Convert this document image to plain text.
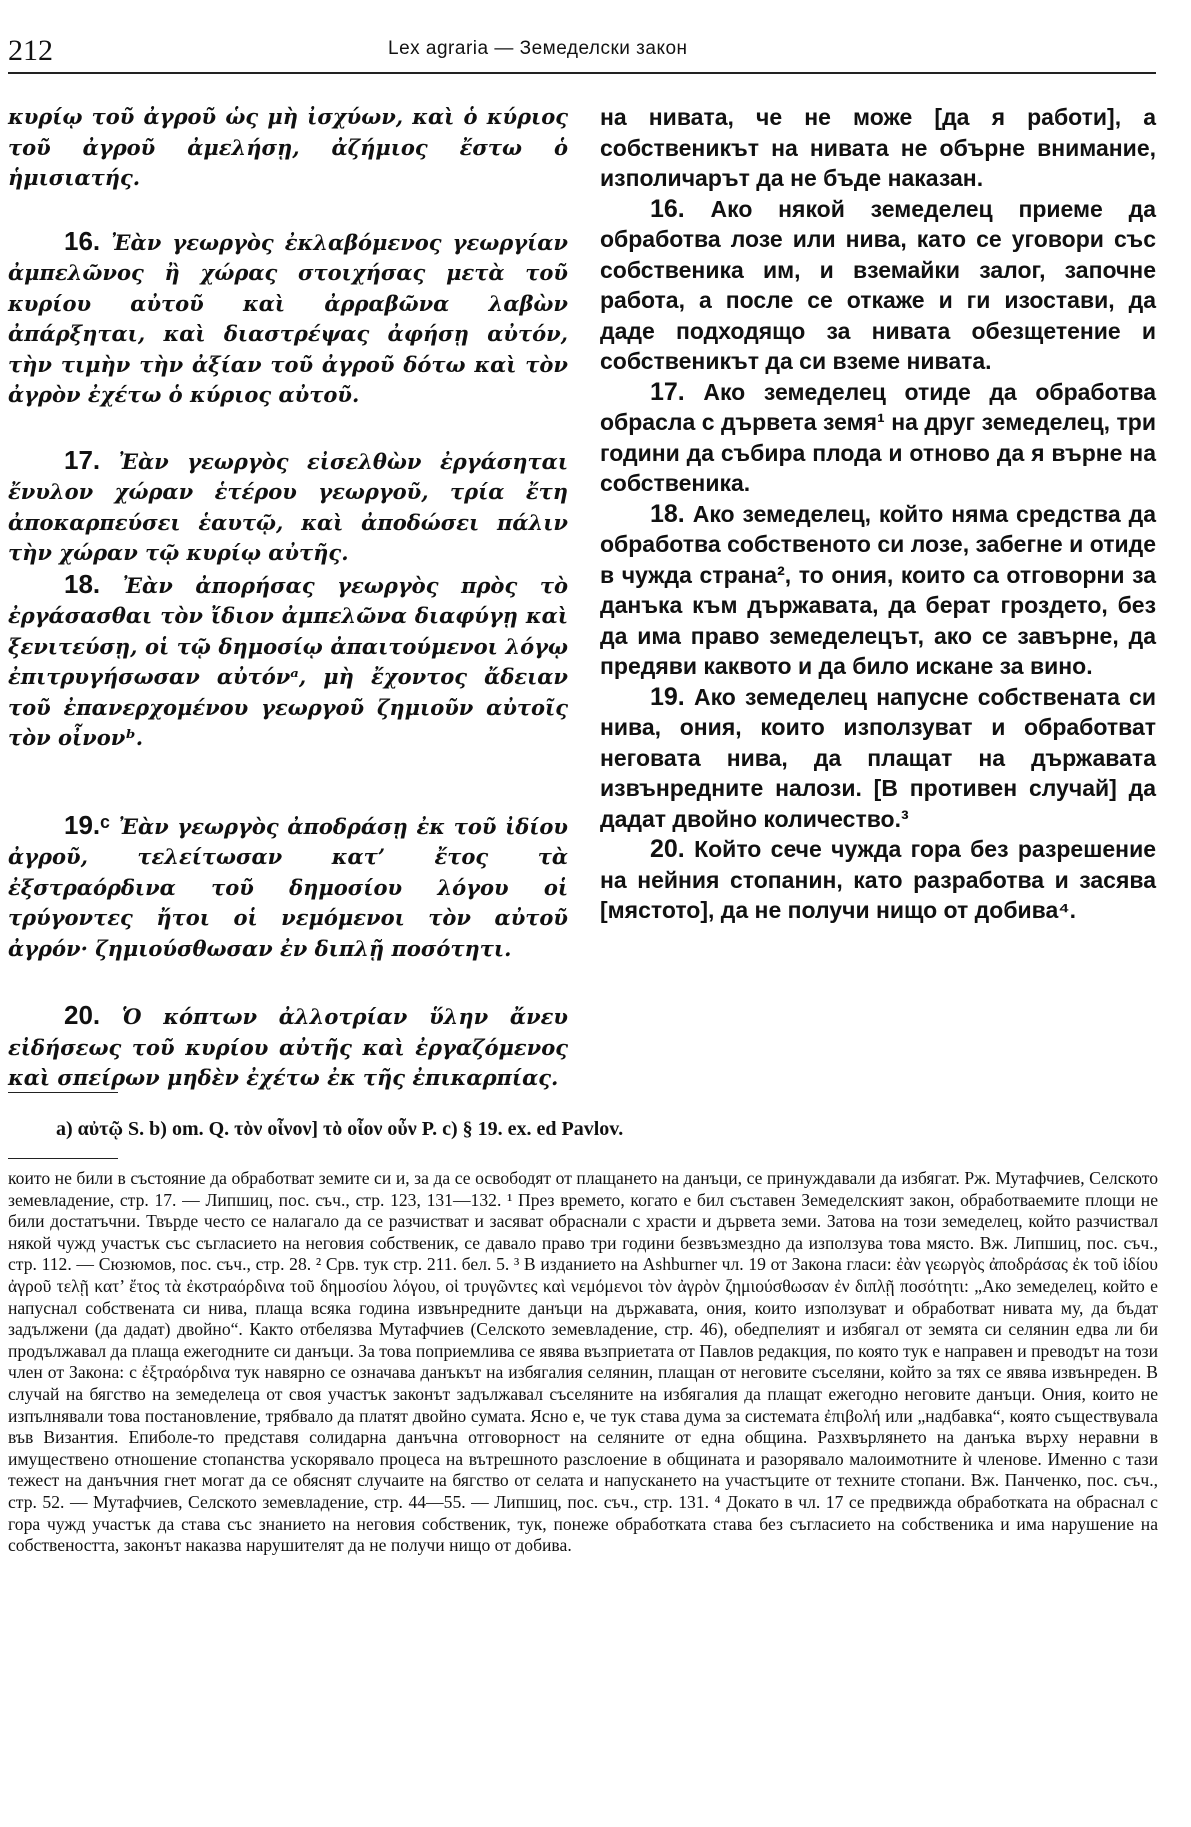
212	Lex agraria — Земеделски закон

κυρίῳ τοῦ ἀγροῦ ὡς μὴ ἰσχύων, καὶ ὁ κύριος τοῦ ἀγροῦ ἀμελήσῃ, ἀζήμιος ἔστω ὁ ἡμισιατής.

16. Ἐὰν γεωργὸς ἐκλαβόμενος γεωργίαν ἀμπελῶνος ἢ χώρας στοιχήσας μετὰ τοῦ κυρίου αὐτοῦ καὶ ἀρραβῶνα λαβὼν ἀπάρξηται, καὶ διαστρέψας ἀφήσῃ αὐτόν, τὴν τιμὴν τὴν ἀξίαν τοῦ ἀγροῦ δότω καὶ τὸν ἀγρὸν ἐχέτω ὁ κύριος αὐτοῦ.

17. Ἐὰν γεωργὸς εἰσελθὼν ἐργάσηται ἔνυλον χώραν ἑτέρου γεωργοῦ, τρία ἔτη ἀποκαρπεύσει ἑαυτῷ, καὶ ἀποδώσει πάλιν τὴν χώραν τῷ κυρίῳ αὐτῆς.

18. Ἐὰν ἀπορήσας γεωργὸς πρὸς τὸ ἐργάσασθαι τὸν ἴδιον ἀμπελῶνα διαφύγῃ καὶ ξενιτεύσῃ, οἱ τῷ δημοσίῳ ἀπαιτούμενοι λόγῳ ἐπιτρυγήσωσαν αὐτόνᵃ, μὴ ἔχοντος ἄδειαν τοῦ ἐπανερχομένου γεωργοῦ ζημιοῦν αὐτοῖς τὸν οἶνονᵇ.

19.ᶜ Ἐὰν γεωργὸς ἀποδράσῃ ἐκ τοῦ ἰδίου ἀγροῦ, τελείτωσαν κατ’ ἔτος τὰ ἐξστραόρδινα τοῦ δημοσίου λόγου οἱ τρύγοντες ἤτοι οἱ νεμόμενοι τὸν αὐτοῦ ἀγρόν· ζημιούσθωσαν ἐν διπλῇ ποσότητι.

20. Ὁ κόπτων ἀλλοτρίαν ὕλην ἄνευ εἰδήσεως τοῦ κυρίου αὐτῆς καὶ ἐργαζόμενος καὶ σπείρων μηδὲν ἐχέτω ἐκ τῆς ἐπικαρπίας.

на нивата, че не може [да я работи], а собственикът на нивата не обърне внимание, изполичарът да не бъде наказан.

16. Ако някой земеделец приеме да обработва лозе или нива, като се уговори със собственика им, и вземайки залог, започне работа, а после се откаже и ги изостави, да даде подходящо за нивата обезщетение и собственикът да си вземе нивата.

17. Ако земеделец отиде да обработва обрасла с дървета земя¹ на друг земеделец, три години да събира плода и отново да я върне на собственика.

18. Ако земеделец, който няма средства да обработва собственото си лозе, забегне и отиде в чужда страна², то ония, които са отговорни за данъка към държавата, да берат гроздето, без да има право земеделецът, ако се завърне, да предяви каквото и да било искане за вино.

19. Ако земеделец напусне собствената си нива, ония, които използуват и обработват неговата нива, да плащат на държавата извънредните налози. [В противен случай] да дадат двойно количество.³

20. Който сече чужда гора без разрешение на нейния стопанин, като разработва и засява [мястото], да не получи нищо от добива⁴.

a) αὐτῷ S. b) om. Q. τὸν οἶνον] τὸ οἶον οὖν P. c) § 19. ex. ed Pavlov.

които не били в състояние да обработват земите си и, за да се освободят от плащането на данъци, се принуждавали да избягат. Рж. Мутафчиев, Селското земевладение, стр. 17. — Липшиц, пос. съч., стр. 123, 131—132. ¹ През времето, когато е бил съставен Земеделският закон, обработваемите площи не били достатъчни. Твърде често се налагало да се разчистват и засяват обраснали с храсти и дървета земи. Затова на този земеделец, който разчиствал някой чужд участък със съгласието на неговия собственик, се давало право три години безвъзмездно да използува това място. Вж. Липшиц, пос. съч., стр. 112. — Сюзюмов, пос. съч., стр. 28. ² Срв. тук стр. 211. бел. 5. ³ В изданието на Ashburner чл. 19 от Закона гласи: ἐὰν γεωργὸς ἀποδράσας ἐκ τοῦ ἰδίου ἀγροῦ τελῇ κατ’ ἔτος τὰ ἐκστραόρδινα τοῦ δημοσίου λόγου, οἱ τρυγῶντες καὶ νεμόμενοι τὸν ἀγρὸν ζημιούσθωσαν ἐν διπλῇ ποσότητι: „Ако земеделец, който е напуснал собствената си нива, плаща всяка година извънредните данъци на държавата, ония, които използуват и обработват нивата му, да бъдат задължени (да дадат) двойно“. Както отбелязва Мутафчиев (Селското земевладение, стр. 46), обедпелият и избягал от земята си селянин едва ли би продължавал да плаща ежегодните си данъци. За това поприемлива се явява възприетата от Павлов редакция, по която тук е направен и преводът на този член от Закона: с ἐξτραόρδινα тук навярно се означава данъкът на избягалия селянин, плащан от неговите съселяни, който за тях се явява извънреден. В случай на бягство на земеделеца от своя участък законът задължавал съселяните на избягалия да плащат ежегодно неговите данъци. Ония, които не изпълнявали това постановление, трябвало да платят двойно сумата. Ясно е, че тук става дума за системата ἐπιβολή или „надбавка“, която съществувала във Византия. Епиболе-то представя солидарна данъчна отговорност на селяните от една община. Разхвърлянето на данъка върху неравни в имуществено отношение стопанства ускорявало процеса на вътрешното разслоение в общината и разорявало малоимотните ѝ членове. Именно с тази тежест на данъчния гнет могат да се обяснят случаите на бягство от селата и напускането на участъците от техните стопани. Вж. Панченко, пос. съч., стр. 52. — Мутафчиев, Селското земевладение, стр. 44—55. — Липшиц, пос. съч., стр. 131. ⁴ Докато в чл. 17 се предвижда обработката на обраснал с гора чужд участък да става със знанието на неговия собственик, тук, понеже обработката става без съгласието на собственика и има нарушение на собствеността, законът наказва нарушителят да не получи нищо от добива.
